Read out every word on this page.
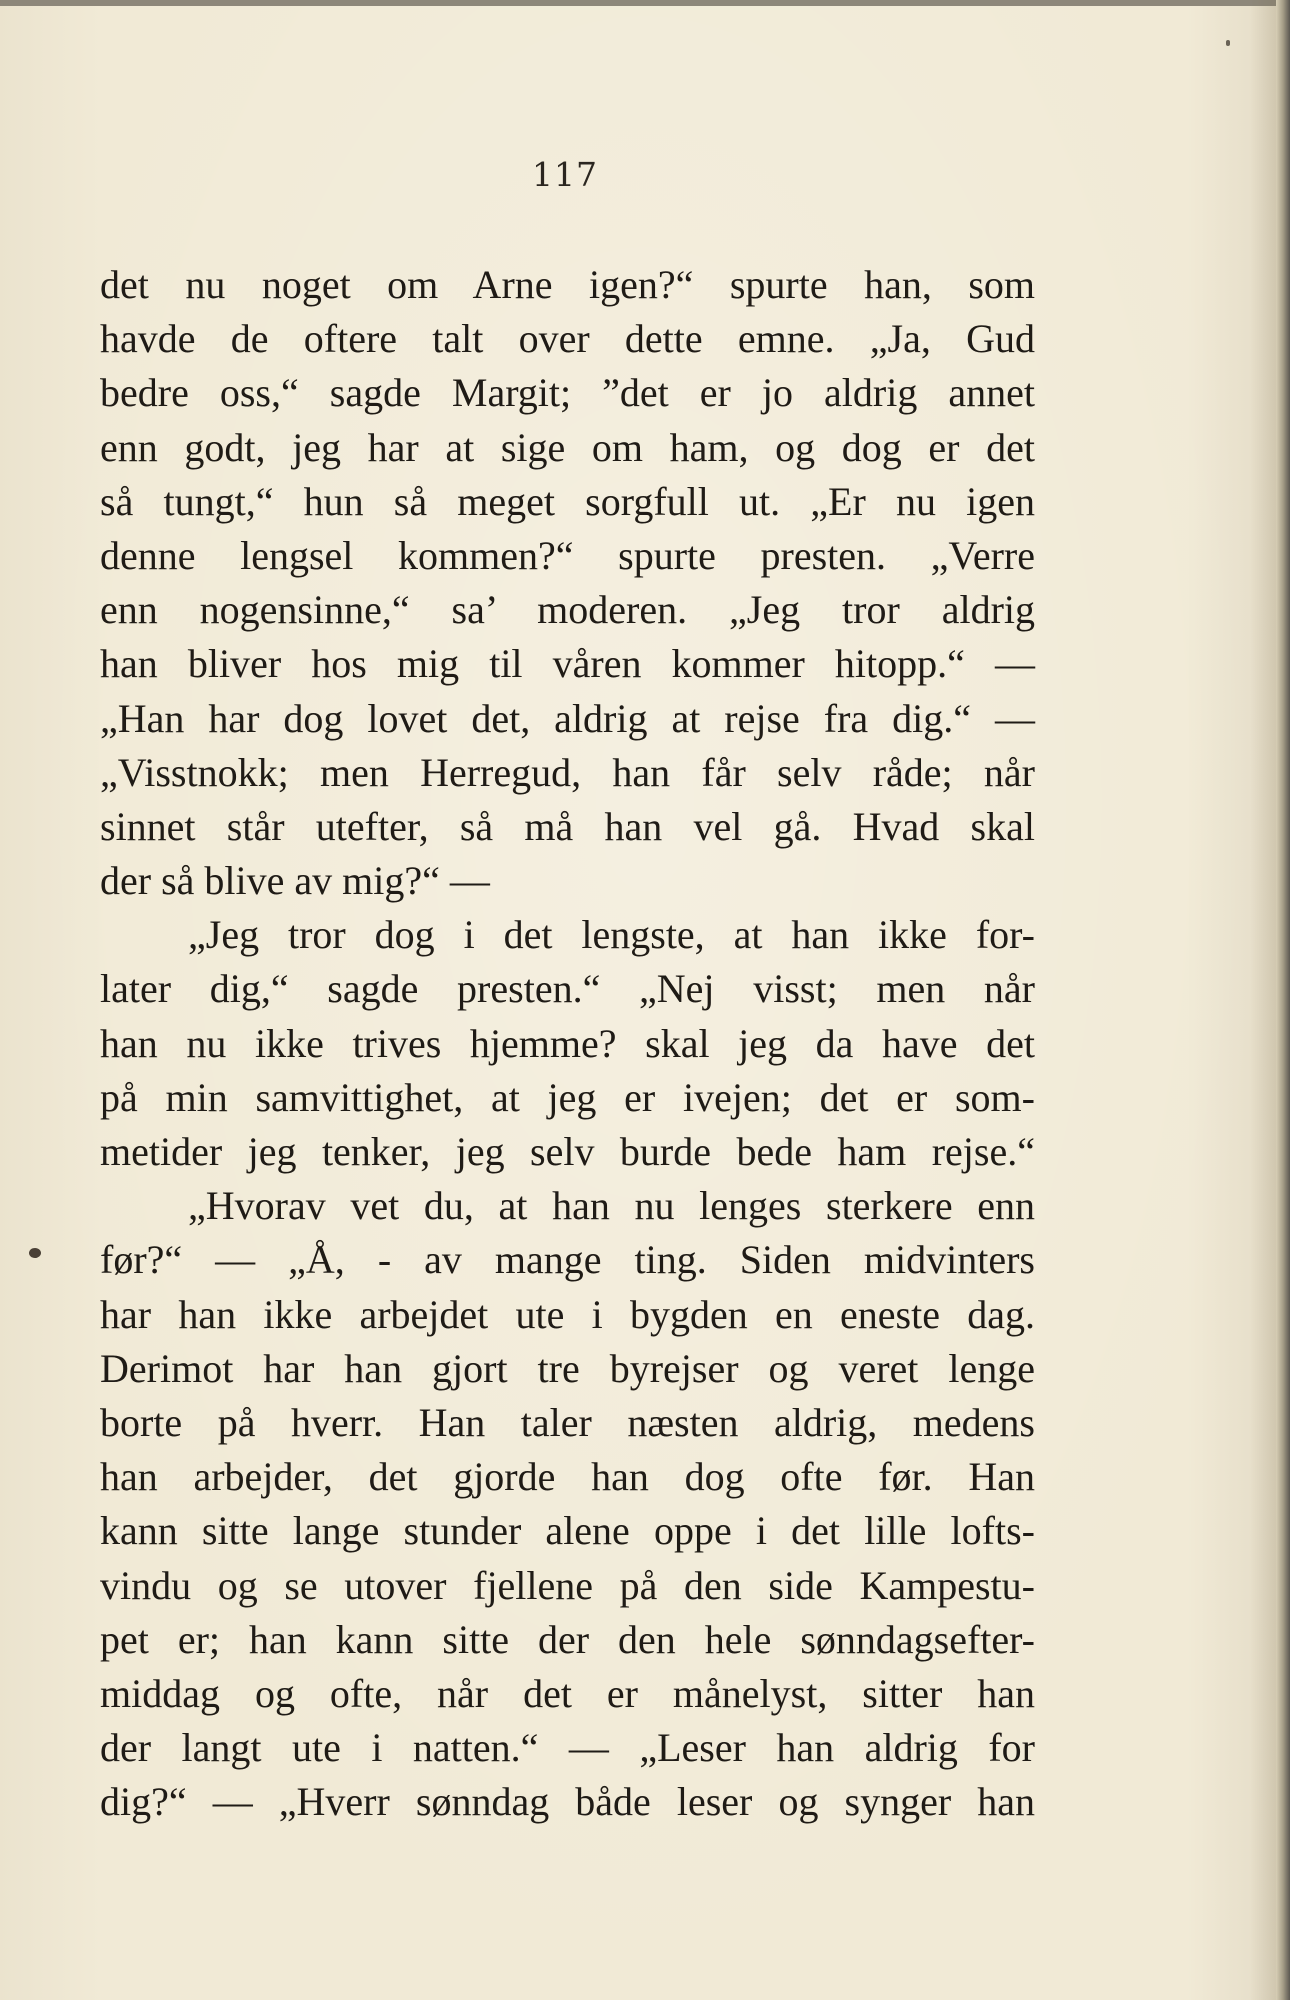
117
det nu noget om Arne igen?“ spurte han, som
havde de oftere talt over dette emne. „Ja, Gud
bedre oss,“ sagde Margit; ”det er jo aldrig annet
enn godt, jeg har at sige om ham, og dog er det
så tungt,“ hun så meget sorgfull ut. „Er nu igen
denne lengsel kommen?“ spurte presten. „Verre
enn nogensinne,“ sa’ moderen. „Jeg tror aldrig
han bliver hos mig til våren kommer hitopp.“ —
„Han har dog lovet det, aldrig at rejse fra dig.“ —
„Visstnokk; men Herregud, han får selv råde; når
sinnet står utefter, så må han vel gå. Hvad skal
der så blive av mig?“ —
„Jeg tror dog i det lengste, at han ikke for-
later dig,“ sagde presten.“ „Nej visst; men når
han nu ikke trives hjemme? skal jeg da have det
på min samvittighet, at jeg er ivejen; det er som-
metider jeg tenker, jeg selv burde bede ham rejse.“
„Hvorav vet du, at han nu lenges sterkere enn
før?“ — „Å, - av mange ting. Siden midvinters
har han ikke arbejdet ute i bygden en eneste dag.
Derimot har han gjort tre byrejser og veret lenge
borte på hverr. Han taler næsten aldrig, medens
han arbejder, det gjorde han dog ofte før. Han
kann sitte lange stunder alene oppe i det lille lofts-
vindu og se utover fjellene på den side Kampestu-
pet er; han kann sitte der den hele sønndagsefter-
middag og ofte, når det er månelyst, sitter han
der langt ute i natten.“ — „Leser han aldrig for
dig?“ — „Hverr sønndag både leser og synger han
